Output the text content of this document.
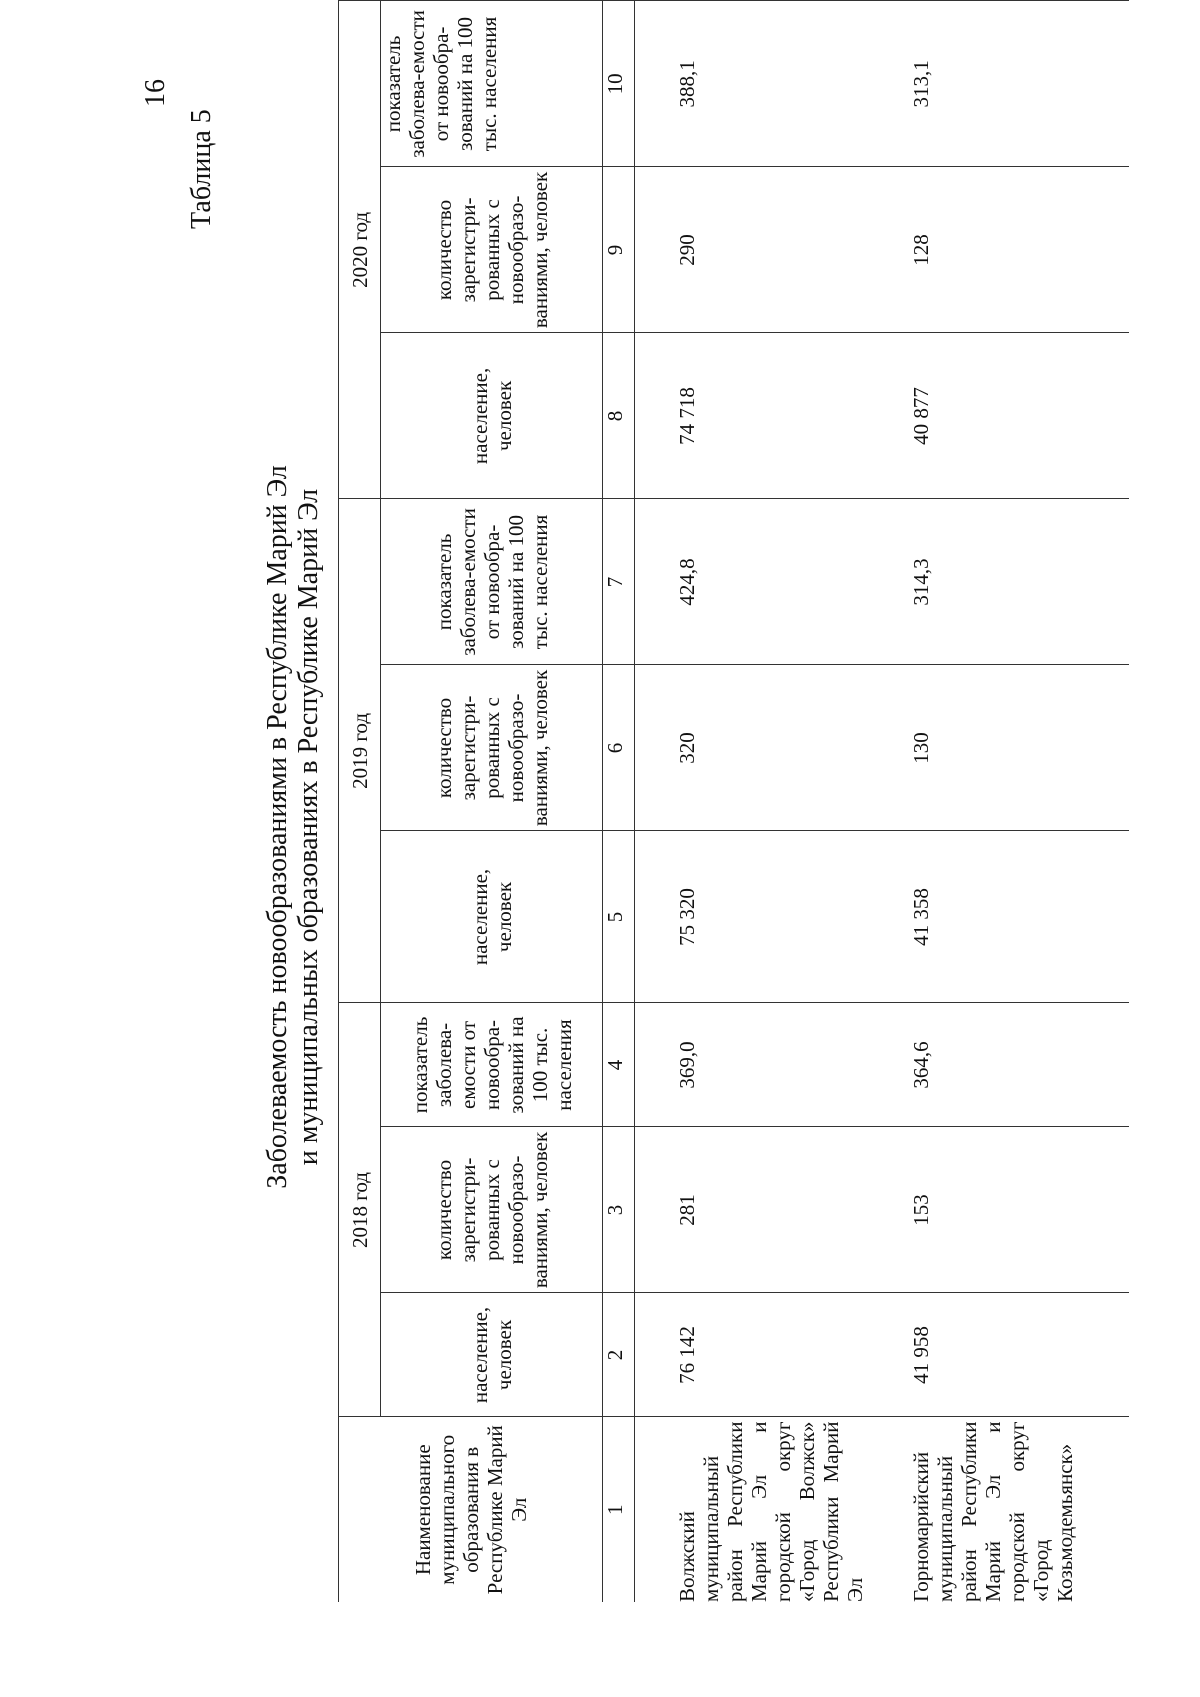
16
Таблица 5
Заболеваемость новообразованиями в Республике Марий Эл и муниципальных образованиях в Республике Марий Эл
Наименование муниципального образования в Республике Марий Эл	2018 год			2019 год			2020 год		
	население, человек	количество зарегистри-рованных с новообразо-ваниями, человек	показатель заболева-емости от новообра-зований на 100 тыс. населения	население, человек	количество зарегистри-рованных с новообразо-ваниями, человек	показатель заболева-емости от новообра-зований на 100 тыс. населения	население, человек	количество зарегистри-рованных с новообразо-ваниями, человек	показатель заболева-емости от новообра-зований на 100 тыс. населения
1	2	3	4	5	6	7	8	9	10

Волжский муниципальный район Республики Марий Эл и городской округ «Город Волжск» Республики Марий Эл	76 142	281	369,0	75 320	320	424,8	74 718	290	388,1

Горномарийский муниципальный район Республики Марий Эл и городской округ «Город Козьмодемьянск»	41 958	153	364,6	41 358	130	314,3	40 877	128	313,1
